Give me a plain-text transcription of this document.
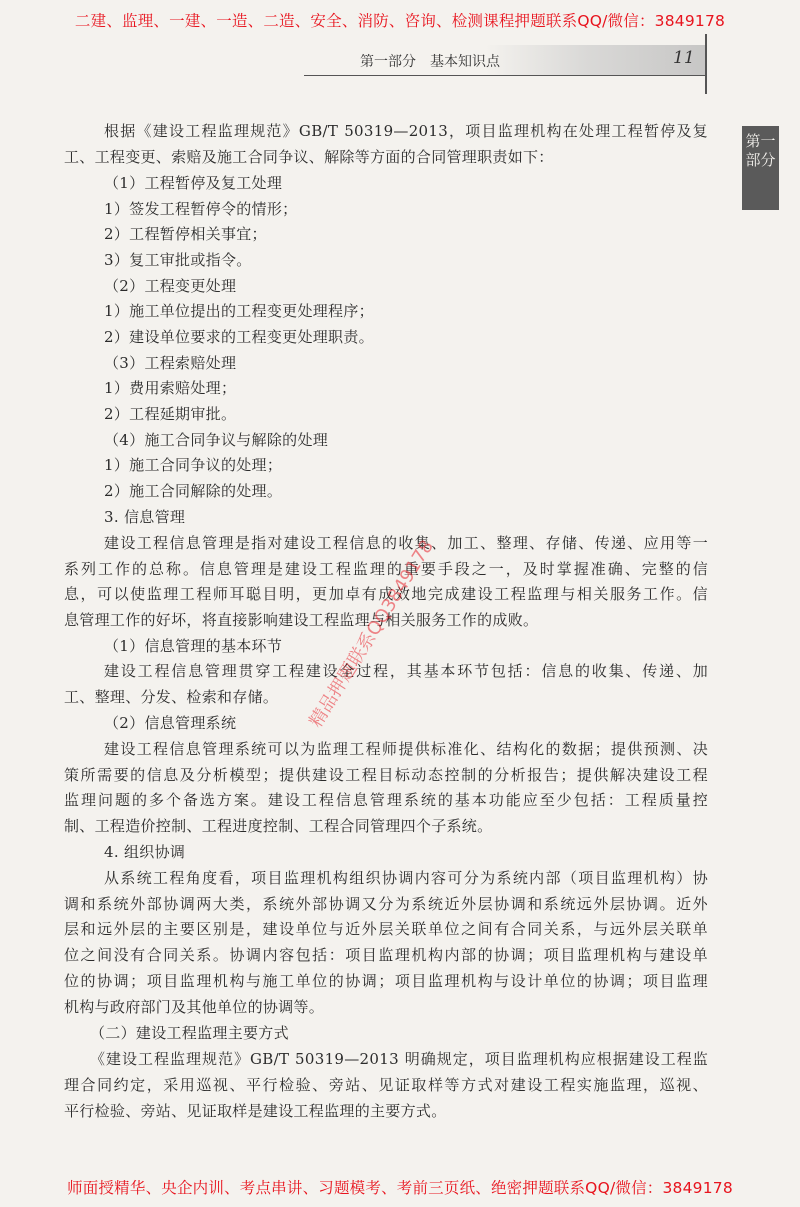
二建、监理、一建、一造、二造、安全、消防、咨询、检测课程押题联系QQ/微信：3849178
第一部分　基本知识点	11
第一
部分
根据《建设工程监理规范》GB/T 50319—2013，项目监理机构在处理工程暂停及复
工、工程变更、索赔及施工合同争议、解除等方面的合同管理职责如下：
（1）工程暂停及复工处理
1）签发工程暂停令的情形；
2）工程暂停相关事宜；
3）复工审批或指令。
（2）工程变更处理
1）施工单位提出的工程变更处理程序；
2）建设单位要求的工程变更处理职责。
（3）工程索赔处理
1）费用索赔处理；
2）工程延期审批。
（4）施工合同争议与解除的处理
1）施工合同争议的处理；
2）施工合同解除的处理。
3. 信息管理
建设工程信息管理是指对建设工程信息的收集、加工、整理、存储、传递、应用等一
系列工作的总称。信息管理是建设工程监理的重要手段之一，及时掌握准确、完整的信
息，可以使监理工程师耳聪目明，更加卓有成效地完成建设工程监理与相关服务工作。信
息管理工作的好坏，将直接影响建设工程监理与相关服务工作的成败。
（1）信息管理的基本环节
建设工程信息管理贯穿工程建设全过程，其基本环节包括：信息的收集、传递、加
工、整理、分发、检索和存储。
（2）信息管理系统
建设工程信息管理系统可以为监理工程师提供标准化、结构化的数据；提供预测、决
策所需要的信息及分析模型；提供建设工程目标动态控制的分析报告；提供解决建设工程
监理问题的多个备选方案。建设工程信息管理系统的基本功能应至少包括：工程质量控
制、工程造价控制、工程进度控制、工程合同管理四个子系统。
4. 组织协调
从系统工程角度看，项目监理机构组织协调内容可分为系统内部（项目监理机构）协
调和系统外部协调两大类，系统外部协调又分为系统近外层协调和系统远外层协调。近外
层和远外层的主要区别是，建设单位与近外层关联单位之间有合同关系，与远外层关联单
位之间没有合同关系。协调内容包括：项目监理机构内部的协调；项目监理机构与建设单
位的协调；项目监理机构与施工单位的协调；项目监理机构与设计单位的协调；项目监理
机构与政府部门及其他单位的协调等。
（二）建设工程监理主要方式
《建设工程监理规范》GB/T 50319—2013 明确规定，项目监理机构应根据建设工程监
理合同约定，采用巡视、平行检验、旁站、见证取样等方式对建设工程实施监理，巡视、
平行检验、旁站、见证取样是建设工程监理的主要方式。
精品押题联系QQ3849178
师面授精华、央企内训、考点串讲、习题模考、考前三页纸、绝密押题联系QQ/微信：3849178
